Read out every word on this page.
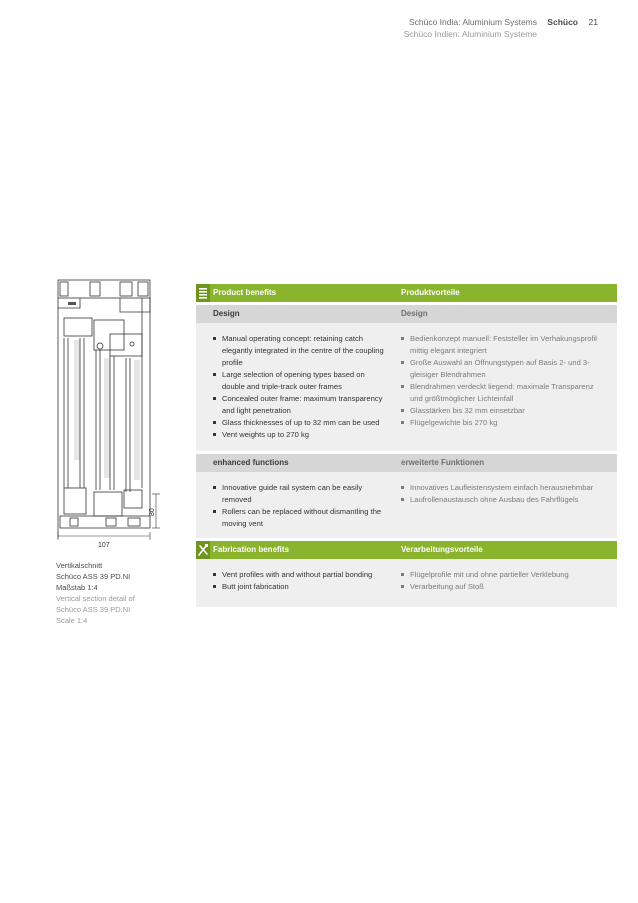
Schüco India: Aluminium Systems
Schüco Indien: Aluminium Systeme
Schüco 21
107
80
Vertikalschnitt
Schüco ASS 39 PD.NI
Maßstab 1:4
Vertical section detail of
Schüco ASS 39 PD.NI
Scale 1:4
Product benefits	Produktvorteile
Design	Design
Manual operating concept: retaining catch elegantly integrated in the centre of the coupling profile
Large selection of opening types based on double and triple-track outer frames
Concealed outer frame: maximum transparency and light penetration
Glass thicknesses of up to 32 mm can be used
Vent weights up to 270 kg
Bedienkonzept manuell: Feststeller im Verhakungsprofil mittig elegant integriert
Große Auswahl an Öffnungstypen auf Basis 2- und 3-gleisiger Blendrahmen
Blendrahmen verdeckt liegend: maximale Transparenz und größtmöglicher Lichteinfall
Glasstärken bis 32 mm einsetzbar
Flügelgewichte bis 270 kg
enhanced functions	erweiterte Funktionen
Innovative guide rail system can be easily removed
Rollers can be replaced without dismantling the moving vent
Innovatives Laufleistensystem einfach herausnehmbar
Laufrollenaustausch ohne Ausbau des Fahrflügels
Fabrication benefits	Verarbeitungsvorteile
Vent profiles with and without partial bonding
Butt joint fabrication
Flügelprofile mit und ohne partieller Verklebung
Verarbeitung auf Stoß
